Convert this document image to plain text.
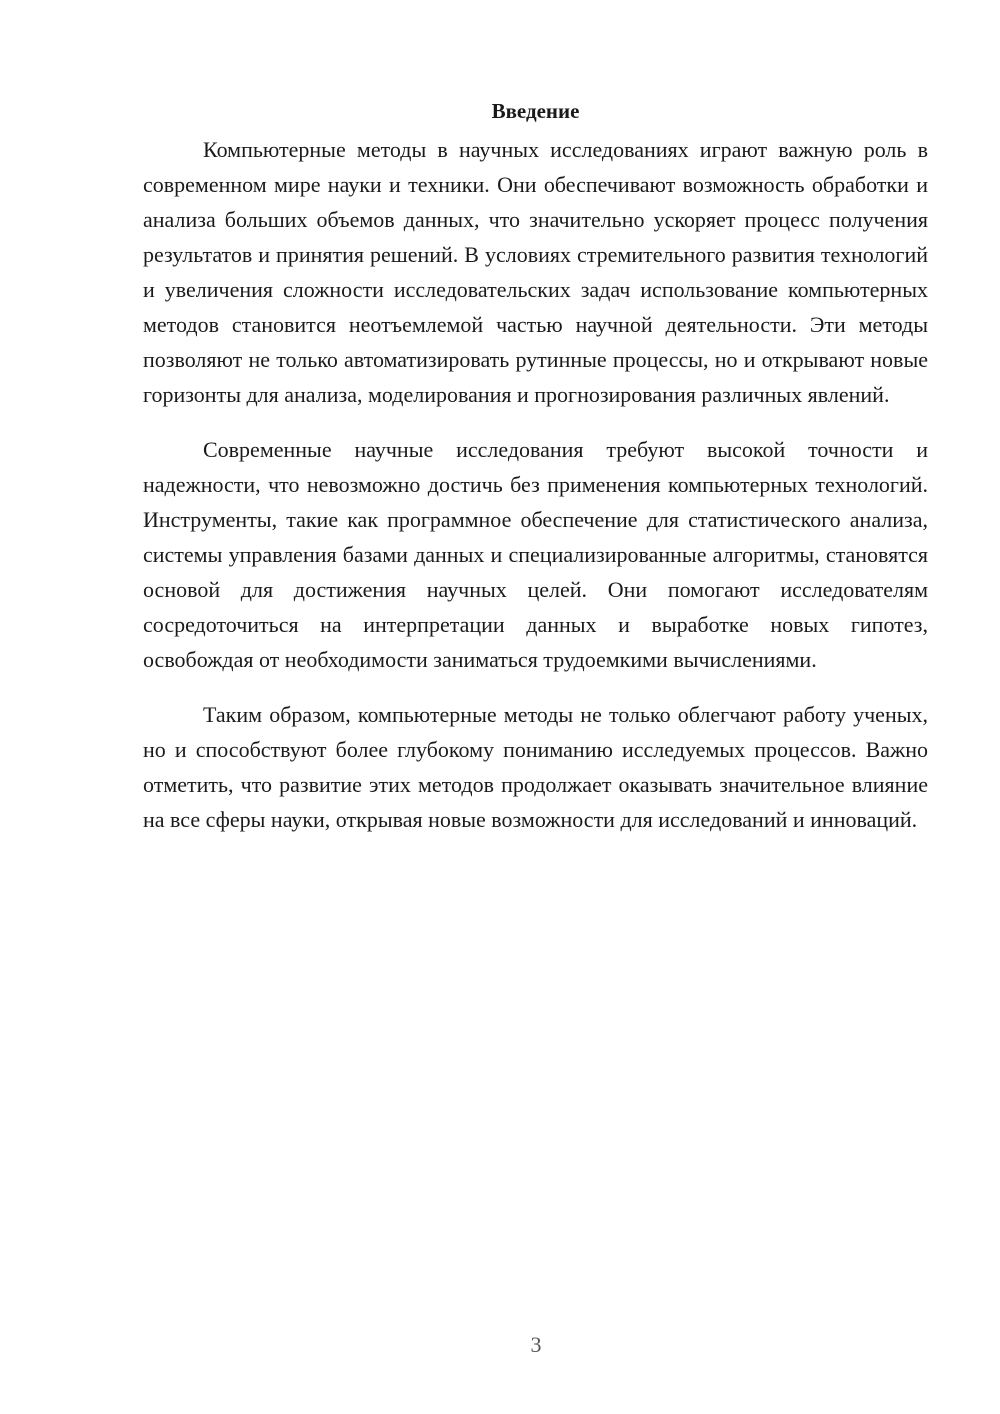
Введение

Компьютерные методы в научных исследованиях играют важную роль в современном мире науки и техники. Они обеспечивают возможность обработки и анализа больших объемов данных, что значительно ускоряет процесс получения результатов и принятия решений. В условиях стремительного развития технологий и увеличения сложности исследовательских задач использование компьютерных методов становится неотъемлемой частью научной деятельности. Эти методы позволяют не только автоматизировать рутинные процессы, но и открывают новые горизонты для анализа, моделирования и прогнозирования различных явлений.

Современные научные исследования требуют высокой точности и надежности, что невозможно достичь без применения компьютерных технологий. Инструменты, такие как программное обеспечение для статистического анализа, системы управления базами данных и специализированные алгоритмы, становятся основой для достижения научных целей. Они помогают исследователям сосредоточиться на интерпретации данных и выработке новых гипотез, освобождая от необходимости заниматься трудоемкими вычислениями.

Таким образом, компьютерные методы не только облегчают работу ученых, но и способствуют более глубокому пониманию исследуемых процессов. Важно отметить, что развитие этих методов продолжает оказывать значительное влияние на все сферы науки, открывая новые возможности для исследований и инноваций.

3
